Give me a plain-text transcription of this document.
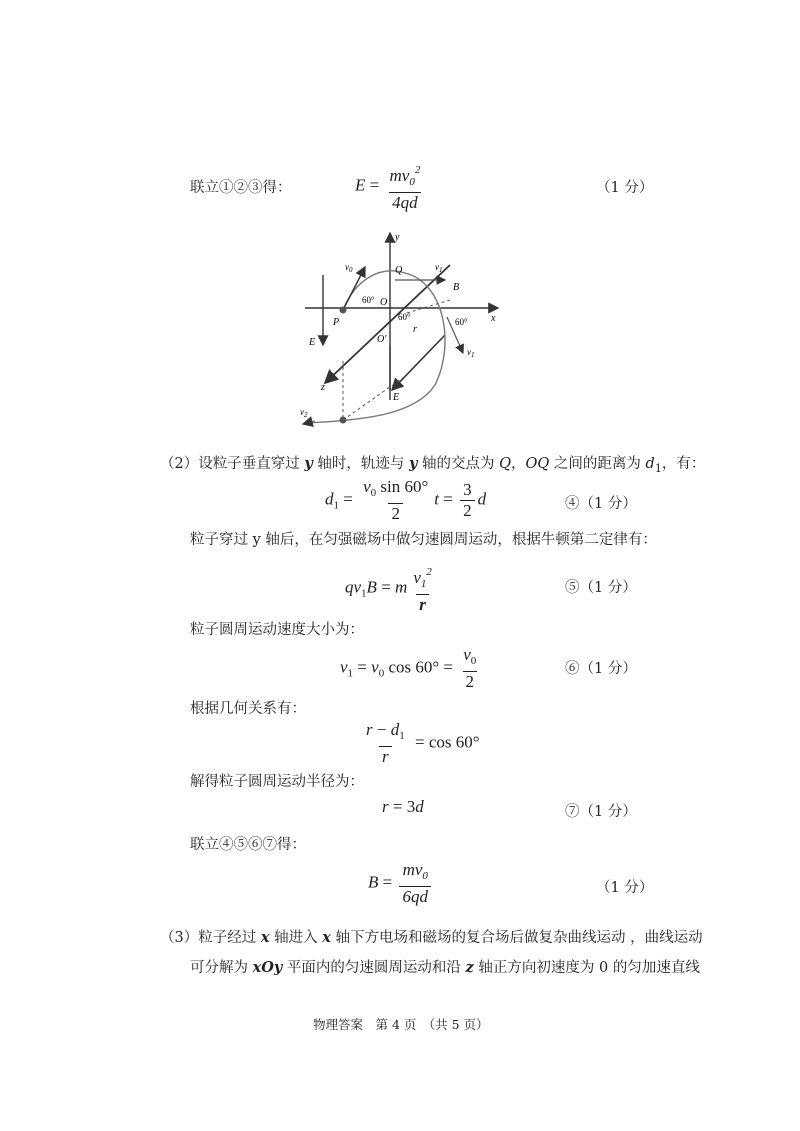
联立①②③得：	$E = \frac{mv_0^2}{4qd}$	（1 分）
y
x
z
$v_0$	$v_1$
$v_1$
$v_2$
Q
O
O'
P
B
E
E
r
60°
60°	60°
（2）设粒子垂直穿过 y 轴时，轨迹与 y 轴的交点为 Q，OQ 之间的距离为 $d_1$，有：
$d_1 = \frac{v_0 \sin 60^\circ}{2}$ $t = \frac{3}{2}$ d	④（1 分）
粒子穿过 y 轴后，在匀强磁场中做匀速圆周运动，根据牛顿第二定律有：
$qv_1B = m \frac{v_1^2}{r}$	⑤（1 分）
粒子圆周运动速度大小为：
$v_1 = v_0$ $\cos 60^\circ = \frac{v_0}{2}$	⑥（1 分）
根据几何关系有：
$\frac{r - d_1}{r} = \cos 60^\circ$
解得粒子圆周运动半径为：
r = 3d	⑦（1 分）
联立④⑤⑥⑦得：
$B = \frac{mv_0}{6qd}$	（1 分）
（3）粒子经过 x 轴进入 x 轴下方电场和磁场的复合场后做复杂曲线运动 ，曲线运动
可分解为 xOy 平面内的匀速圆周运动和沿 z 轴正方向初速度为 0 的匀加速直线
物理答案　第 4 页　（共 5 页）
